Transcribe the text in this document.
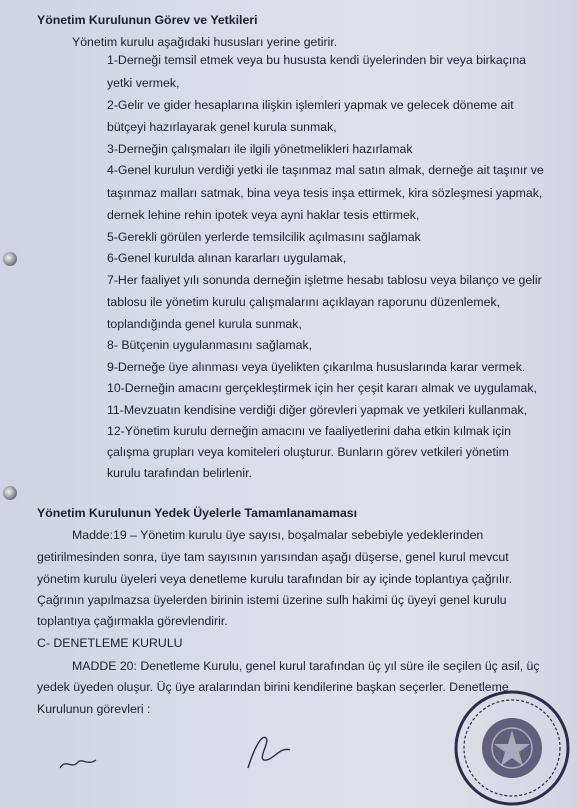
Yönetim Kurulunun Görev ve Yetkileri
Yönetim kurulu aşağıdaki hususları yerine getirir.
1-Derneği temsil etmek veya bu hususta kendi üyelerinden bir veya birkaçına
yetki vermek,
2-Gelir ve gider hesaplarına ilişkin işlemleri yapmak ve gelecek döneme ait
bütçeyi hazırlayarak genel kurula sunmak,
3-Derneğin çalışmaları ile ilgili yönetmelikleri hazırlamak
4-Genel kurulun verdiği yetki ile taşınmaz mal satın almak, derneğe ait taşınır ve
taşınmaz malları satmak, bina veya tesis inşa ettirmek, kira sözleşmesi yapmak,
dernek lehine rehin ipotek veya ayni haklar tesis ettirmek,
5-Gerekli görülen yerlerde temsilcilik açılmasını sağlamak
6-Genel kurulda alınan kararları uygulamak,
7-Her faaliyet yılı sonunda derneğin işletme hesabı tablosu veya bilanço ve gelir
tablosu ile yönetim kurulu çalışmalarını açıklayan raporunu düzenlemek,
toplandığında genel kurula sunmak,
8- Bütçenin uygulanmasını sağlamak,
9-Derneğe üye alınması veya üyelikten çıkarılma hususlarında karar vermek.
10-Derneğin amacını gerçekleştirmek için her çeşit kararı almak ve uygulamak,
11-Mevzuatın kendisine verdiği diğer görevleri yapmak ve yetkileri kullanmak,
12-Yönetim kurulu derneğin amacını ve faaliyetlerini daha etkin kılmak için
çalışma grupları veya komiteleri oluşturur. Bunların görev vetkileri yönetim
kurulu tarafından belirlenir.
Yönetim Kurulunun Yedek Üyelerle Tamamlanamaması
Madde:19 – Yönetim kurulu üye sayısı, boşalmalar sebebiyle yedeklerinden
getirilmesinden sonra, üye tam sayısının yarısından aşağı düşerse, genel kurul mevcut
yönetim kurulu üyeleri veya denetleme kurulu tarafından bir ay içinde toplantıya çağrılır.
Çağrının yapılmazsa üyelerden birinin istemi üzerine sulh hakimi üç üyeyi genel kurulu
toplantıya çağırmakla görevlendirir.
C- DENETLEME KURULU
MADDE 20: Denetleme Kurulu, genel kurul tarafından üç yıl süre ile seçilen üç asil, üç
yedek üyeden oluşur. Üç üye aralarından birini kendilerine başkan seçerler. Denetleme
Kurulunun görevleri :
